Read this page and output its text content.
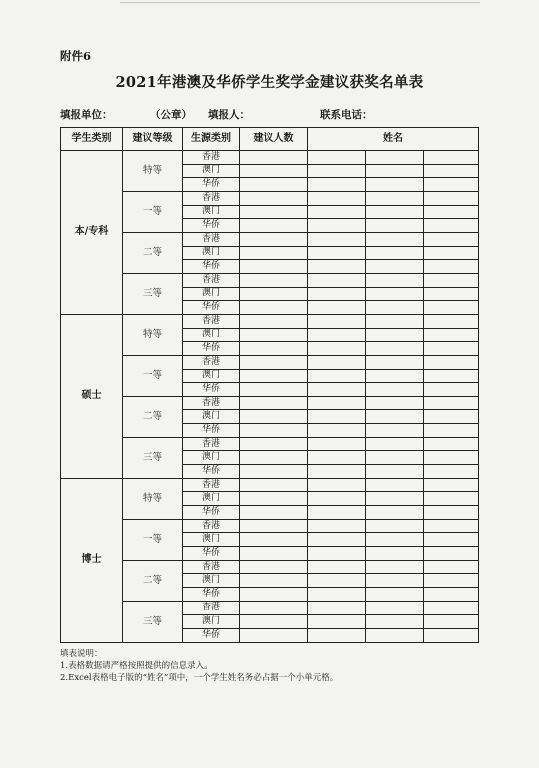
附件6
2021年港澳及华侨学生奖学金建议获奖名单表
填报单位：	（公章） 填报人：	联系电话：
学生类别	建议等级	生源类别	建议人数	姓名		
本/专科	特等	香港				
		澳门				
		华侨				
	一等	香港				
		澳门				
		华侨				
	二等	香港				
		澳门				
		华侨				
	三等	香港				
		澳门				
		华侨				
硕士	特等	香港				
		澳门				
		华侨				
	一等	香港				
		澳门				
		华侨				
	二等	香港				
		澳门				
		华侨				
	三等	香港				
		澳门				
		华侨				
博士	特等	香港				
		澳门				
		华侨				
	一等	香港				
		澳门				
		华侨				
	二等	香港				
		澳门				
		华侨				
	三等	香港				
		澳门				
		华侨				
填表说明：
1.表格数据请严格按照提供的信息录入。
2.Excel表格电子版的“姓名”项中，一个学生姓名务必占据一个小单元格。
